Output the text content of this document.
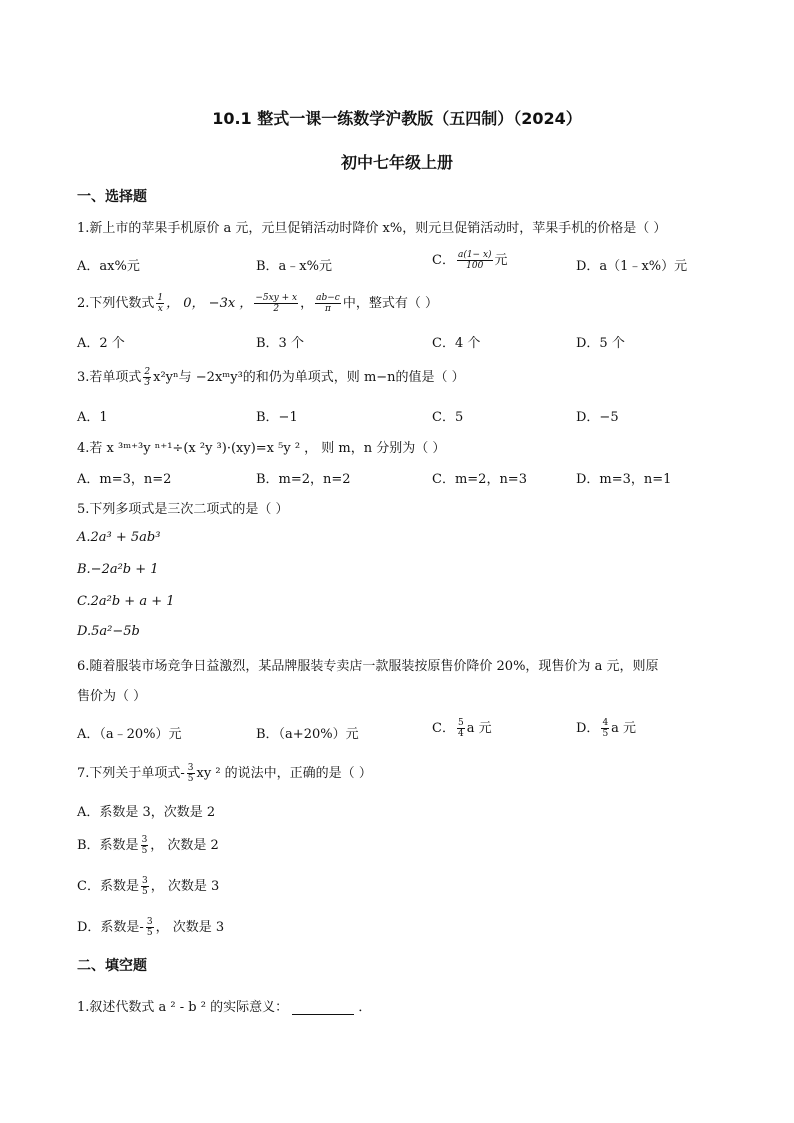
10.1 整式一课一练数学沪教版（五四制）（2024）
初中七年级上册
一、选择题
1.新上市的苹果手机原价 a 元，元旦促销活动时降价 x%，则元旦促销活动时，苹果手机的价格是（ ）
A．ax%元	B．a﹣x%元	C． $\frac{a(1- x)}{100}$ 元	D．a（1﹣x%）元
2.下列代数式 $\frac{1}{x}$ ， 0， −3x ， $\frac{-5xy + x}{2}$ ， $\frac{ab-c}{\pi}$ 中，整式有（ ）
A．2 个	B．3 个	C．4 个	D．5 个
3.若单项式 $\frac{2}{3} x^2y^n$与 −2xᵐy³的和仍为单项式，则 m−n的值是（ ）
A．1	B．−1	C．5	D．−5
4.若 x ³ᵐ⁺³y ⁿ⁺¹÷(x ²y ³)·(xy)=x ⁵y ² ， 则 m，n 分别为（ ）
A．m=3，n=2	B．m=2，n=2	C．m=2，n=3	D．m=3，n=1
5.下列多项式是三次二项式的是（ ）
A.2a³ + 5ab³
B.−2a²b + 1
C.2a²b + a + 1
D.5a²−5b
6.随着服装市场竞争日益激烈，某品牌服装专卖店一款服装按原售价降价 20%，现售价为 a 元，则原
售价为（ ）
A．（a﹣20%）元	B．（a+20%）元	C． $\frac{5}{4}$ a 元	D． $\frac{4}{5}$ a 元
7.下列关于单项式- $\frac{3}{5}$ xy ² 的说法中，正确的是（ ）
A．系数是 3，次数是 2
B．系数是 $\frac{3}{5}$ ， 次数是 2
C．系数是 $\frac{3}{5}$ ， 次数是 3
D．系数是- $\frac{3}{5}$ ， 次数是 3
二、填空题
1.叙述代数式 a ² - b ² 的实际意义：	．
